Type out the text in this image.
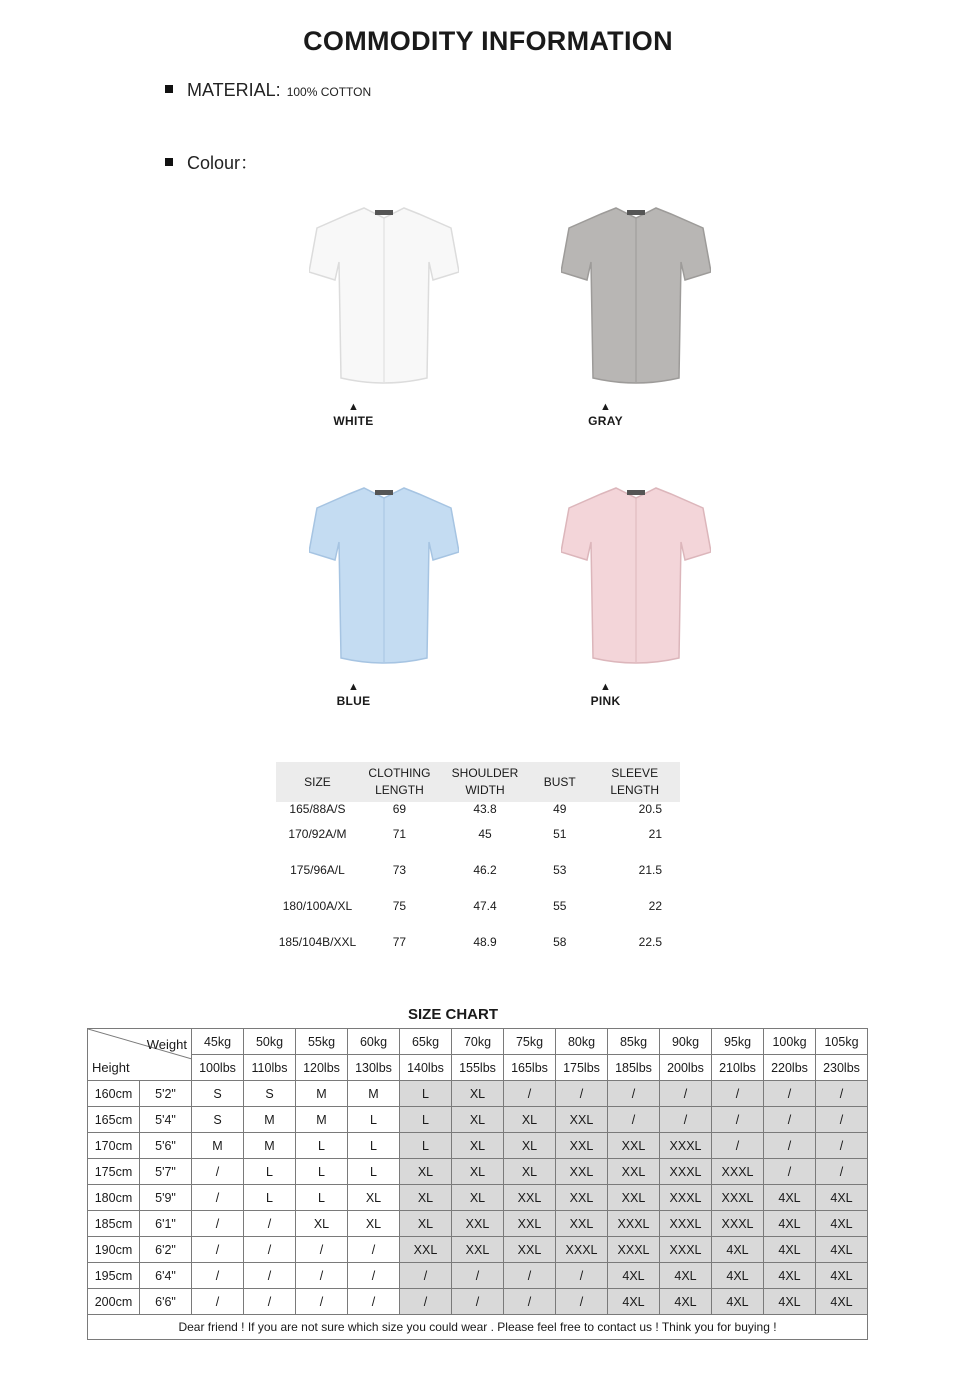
COMMODITY INFORMATION
MATERIAL: 100% COTTON
Colour：
▲
WHITE
▲
GRAY
▲
BLUE
▲
PINK
SIZE	CLOTHING LENGTH	SHOULDER WIDTH	BUST	SLEEVE LENGTH
165/88A/S	69	43.8	49	20.5
170/92A/M	71	45	51	21
175/96A/L	73	46.2	53	21.5
180/100A/XL	75	47.4	55	22
185/104B/XXL	77	48.9	58	22.5
SIZE CHART
Weight
Height		45kg	50kg	55kg	60kg	65kg	70kg	75kg	80kg	85kg	90kg	95kg	100kg	105kg
		100lbs	110lbs	120lbs	130lbs	140lbs	155lbs	165lbs	175lbs	185lbs	200lbs	210lbs	220lbs	230lbs
160cm	5'2"	S	S	M	M	L	XL	/	/	/	/	/	/	/
165cm	5'4"	S	M	M	L	L	XL	XL	XXL	/	/	/	/	/
170cm	5'6"	M	M	L	L	L	XL	XL	XXL	XXL	XXXL	/	/	/
175cm	5'7"	/	L	L	L	XL	XL	XL	XXL	XXL	XXXL	XXXL	/	/
180cm	5'9"	/	L	L	XL	XL	XL	XXL	XXL	XXL	XXXL	XXXL	4XL	4XL
185cm	6'1"	/	/	XL	XL	XL	XXL	XXL	XXL	XXXL	XXXL	XXXL	4XL	4XL
190cm	6'2"	/	/	/	/	XXL	XXL	XXL	XXXL	XXXL	XXXL	4XL	4XL	4XL
195cm	6'4"	/	/	/	/	/	/	/	/	4XL	4XL	4XL	4XL	4XL
200cm	6'6"	/	/	/	/	/	/	/	/	4XL	4XL	4XL	4XL	4XL
Dear friend ! If you are not sure which size you could wear . Please feel free to contact us ! Think you for buying !														
